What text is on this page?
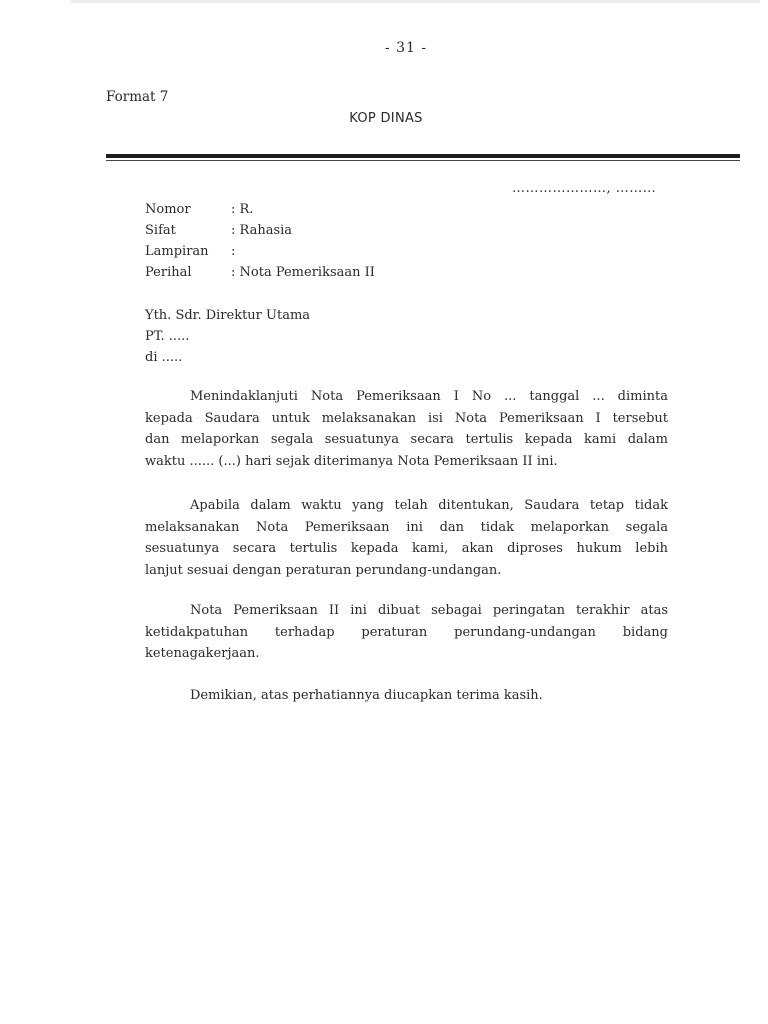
- 31 -
Format 7
KOP DINAS
…………………, ………
Nomor	: R.
Sifat	: Rahasia
Lampiran :
Perihal	: Nota Pemeriksaan II
Yth. Sdr. Direktur Utama
PT. .....
di .....
Menindaklanjuti Nota Pemeriksaan I No ... tanggal ... diminta
kepada Saudara untuk melaksanakan isi Nota Pemeriksaan I tersebut
dan melaporkan segala sesuatunya secara tertulis kepada kami dalam
waktu ...... (...) hari sejak diterimanya Nota Pemeriksaan II ini.
Apabila dalam waktu yang telah ditentukan, Saudara tetap tidak
melaksanakan Nota Pemeriksaan ini dan tidak melaporkan segala
sesuatunya secara tertulis kepada kami, akan diproses hukum lebih
lanjut sesuai dengan peraturan perundang-undangan.
Nota Pemeriksaan II ini dibuat sebagai peringatan terakhir atas
ketidakpatuhan terhadap peraturan perundang-undangan bidang
ketenagakerjaan.
Demikian, atas perhatiannya diucapkan terima kasih.
